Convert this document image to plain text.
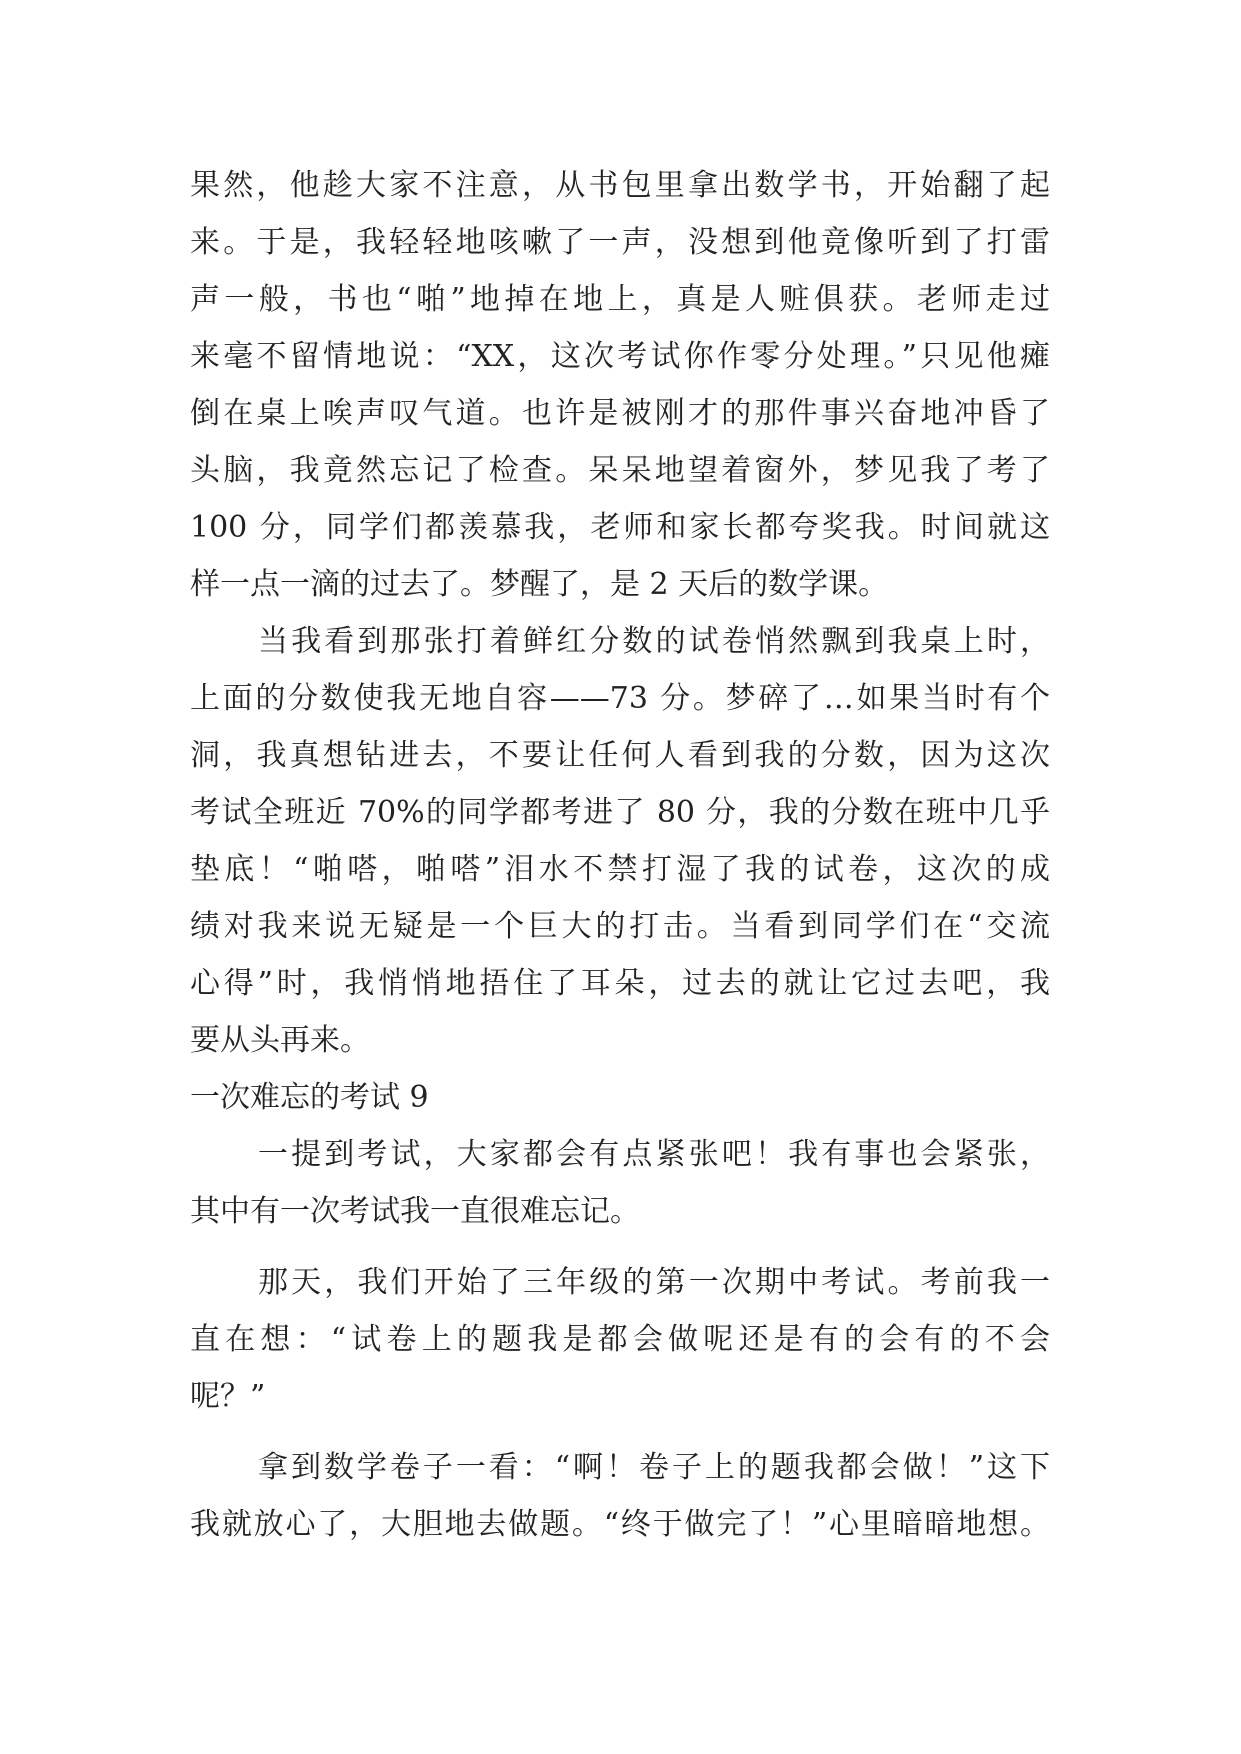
果然，他趁大家不注意，从书包里拿出数学书，开始翻了起
来。于是，我轻轻地咳嗽了一声，没想到他竟像听到了打雷
声一般，书也“啪”地掉在地上，真是人赃俱获。老师走过
来毫不留情地说：“XX，这次考试你作零分处理。”只见他瘫
倒在桌上唉声叹气道。也许是被刚才的那件事兴奋地冲昏了
头脑，我竟然忘记了检查。呆呆地望着窗外，梦见我了考了
100 分，同学们都羡慕我，老师和家长都夸奖我。时间就这
样一点一滴的过去了。梦醒了，是 2 天后的数学课。
当我看到那张打着鲜红分数的试卷悄然飘到我桌上时，
上面的分数使我无地自容——73 分。梦碎了…如果当时有个
洞，我真想钻进去，不要让任何人看到我的分数，因为这次
考试全班近 70%的同学都考进了 80 分，我的分数在班中几乎
垫底！“啪嗒，啪嗒”泪水不禁打湿了我的试卷，这次的成
绩对我来说无疑是一个巨大的打击。当看到同学们在“交流
心得”时，我悄悄地捂住了耳朵，过去的就让它过去吧，我
要从头再来。
一次难忘的考试 9
一提到考试，大家都会有点紧张吧！我有事也会紧张，
其中有一次考试我一直很难忘记。
那天，我们开始了三年级的第一次期中考试。考前我一
直在想：“试卷上的题我是都会做呢还是有的会有的不会
呢？”
拿到数学卷子一看：“啊！卷子上的题我都会做！”这下
我就放心了，大胆地去做题。“终于做完了！”心里暗暗地想。
